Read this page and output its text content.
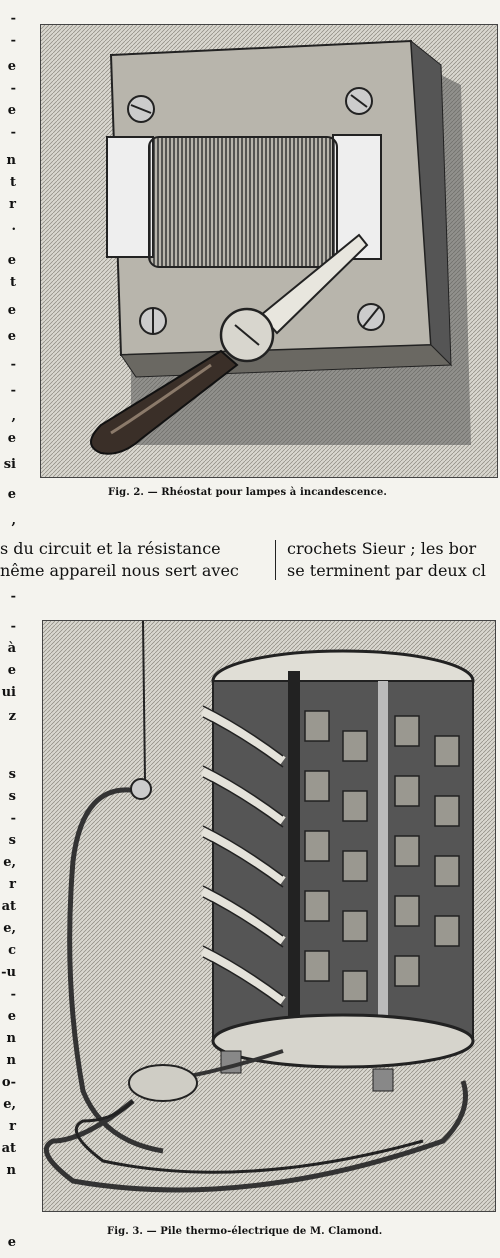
-
-
e
-
e
-
n
t
r
.
e
t
e
e
-
-
,
e
si
e
,
-
-
à
e
ui
z
s
s
-
s
e,
r
at
e,
c
-u
-
e
n
n
o-
e,
r
at
n
e
Fig. 2. — Rhéostat pour lampes à incandescence.
s du circuit et la résistance
nême appareil nous sert avec
crochets Sieur ; les bor
se terminent par deux cl
Fig. 3. — Pile thermo-électrique de M. Clamond.
